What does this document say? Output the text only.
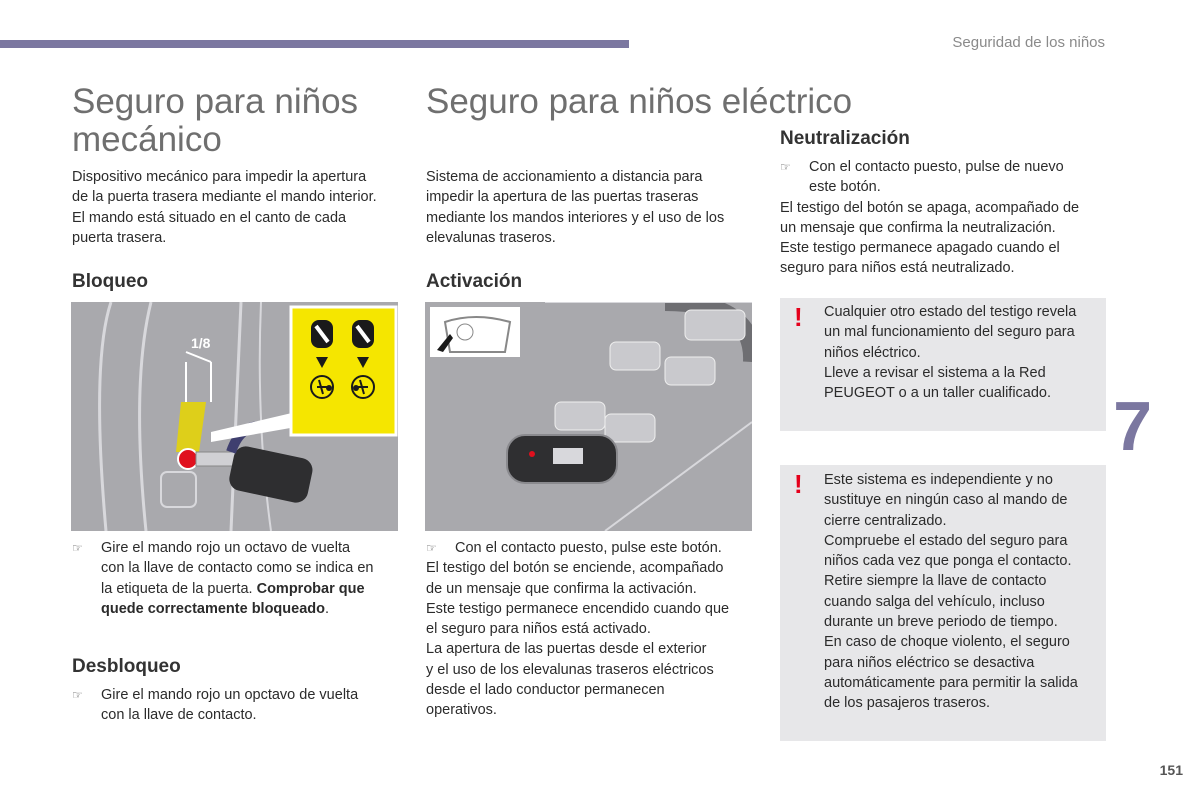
Seguridad de los niños

Seguro para niños

mecánico

Dispositivo mecánico para impedir la apertura
de la puerta trasera mediante el mando interior.
El mando está situado en el canto de cada
puerta trasera.
Bloqueo
1/8
☞ Gire el mando rojo un octavo de vuelta
con la llave de contacto como se indica en
la etiqueta de la puerta. Comprobar que
quede correctamente bloqueado.
Desbloqueo
☞ Gire el mando rojo un opctavo de vuelta
con la llave de contacto.
Seguro para niños eléctrico
Sistema de accionamiento a distancia para
impedir la apertura de las puertas traseras
mediante los mandos interiores y el uso de los
elevalunas traseros.
Activación
☞ Con el contacto puesto, pulse este botón.
El testigo del botón se enciende, acompañado
de un mensaje que confirma la activación.
Este testigo permanece encendido cuando que
el seguro para niños está activado.
La apertura de las puertas desde el exterior
y el uso de los elevalunas traseros eléctricos
desde el lado conductor permanecen
operativos.
Neutralización
☞ Con el contacto puesto, pulse de nuevo
este botón.
El testigo del botón se apaga, acompañado de
un mensaje que confirma la neutralización.
Este testigo permanece apagado cuando el
seguro para niños está neutralizado.
! Cualquier otro estado del testigo revela
un mal funcionamiento del seguro para
niños eléctrico.
Lleve a revisar el sistema a la Red
PEUGEOT o a un taller cualificado.
! Este sistema es independiente y no
sustituye en ningún caso al mando de
cierre centralizado.
Compruebe el estado del seguro para
niños cada vez que ponga el contacto.
Retire siempre la llave de contacto
cuando salga del vehículo, incluso
durante un breve periodo de tiempo.
En caso de choque violento, el seguro
para niños eléctrico se desactiva
automáticamente para permitir la salida
de los pasajeros traseros.
7
151
